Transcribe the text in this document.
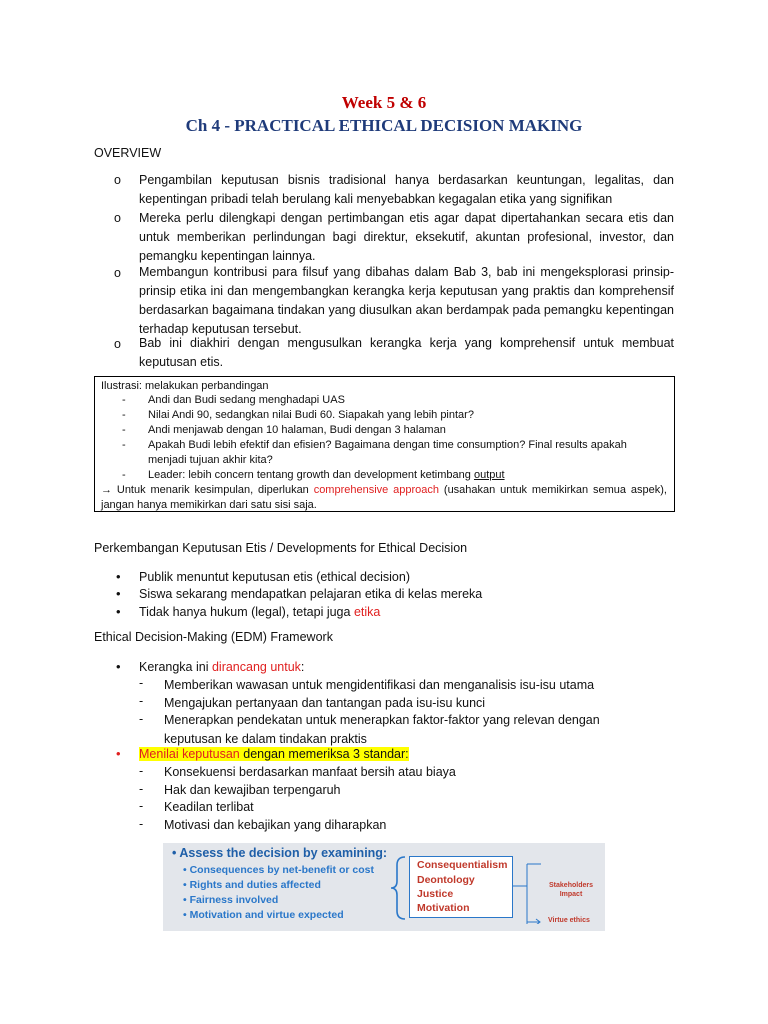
Week 5 & 6
Ch 4 - PRACTICAL ETHICAL DECISION MAKING
OVERVIEW
o Pengambilan keputusan bisnis tradisional hanya berdasarkan keuntungan, legalitas, dan kepentingan pribadi telah berulang kali menyebabkan kegagalan etika yang signifikan
o Mereka perlu dilengkapi dengan pertimbangan etis agar dapat dipertahankan secara etis dan untuk memberikan perlindungan bagi direktur, eksekutif, akuntan profesional, investor, dan pemangku kepentingan lainnya.
o Membangun kontribusi para filsuf yang dibahas dalam Bab 3, bab ini mengeksplorasi prinsip-prinsip etika ini dan mengembangkan kerangka kerja keputusan yang praktis dan komprehensif berdasarkan bagaimana tindakan yang diusulkan akan berdampak pada pemangku kepentingan terhadap keputusan tersebut.
o Bab ini diakhiri dengan mengusulkan kerangka kerja yang komprehensif untuk membuat keputusan etis.
Ilustrasi: melakukan perbandingan
- Andi dan Budi sedang menghadapi UAS
- Nilai Andi 90, sedangkan nilai Budi 60. Siapakah yang lebih pintar?
- Andi menjawab dengan 10 halaman, Budi dengan 3 halaman
- Apakah Budi lebih efektif dan efisien? Bagaimana dengan time consumption? Final results apakah menjadi tujuan akhir kita?
- Leader: lebih concern tentang growth dan development ketimbang output
→ Untuk menarik kesimpulan, diperlukan comprehensive approach (usahakan untuk memikirkan semua aspek), jangan hanya memikirkan dari satu sisi saja.
Perkembangan Keputusan Etis / Developments for Ethical Decision
• Publik menuntut keputusan etis (ethical decision)
• Siswa sekarang mendapatkan pelajaran etika di kelas mereka
• Tidak hanya hukum (legal), tetapi juga etika
Ethical Decision-Making (EDM) Framework
• Kerangka ini dirancang untuk:
- Memberikan wawasan untuk mengidentifikasi dan menganalisis isu-isu utama
- Mengajukan pertanyaan dan tantangan pada isu-isu kunci
- Menerapkan pendekatan untuk menerapkan faktor-faktor yang relevan dengan keputusan ke dalam tindakan praktis
• Menilai keputusan dengan memeriksa 3 standar:
- Konsekuensi berdasarkan manfaat bersih atau biaya
- Hak dan kewajiban terpengaruh
- Keadilan terlibat
- Motivasi dan kebajikan yang diharapkan
• Assess the decision by examining:
• Consequences by net-benefit or cost
• Rights and duties affected
• Fairness involved
• Motivation and virtue expected
Consequentialism
Deontology
Justice
Motivation
Stakeholders Impact
Virtue ethics
